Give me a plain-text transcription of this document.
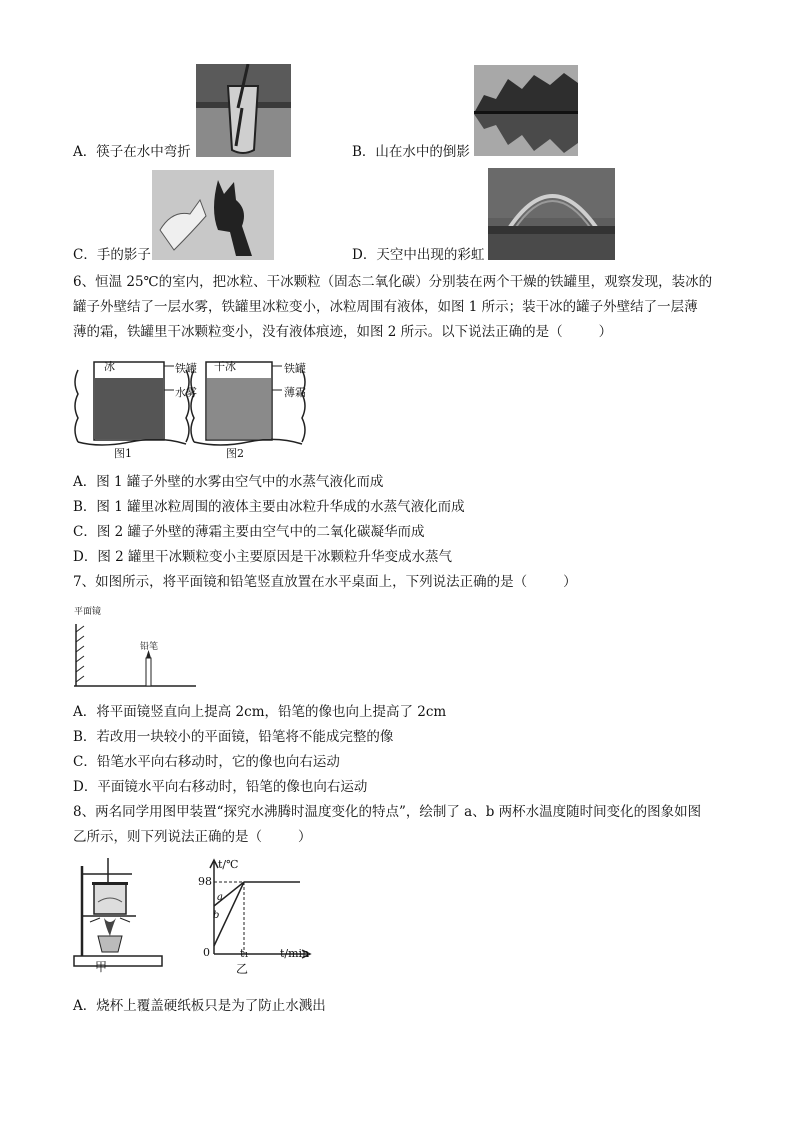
A．筷子在水中弯折	B．山在水中的倒影
C．手的影子	D．天空中出现的彩虹
6、恒温 25℃的室内，把冰粒、干冰颗粒（固态二氧化碳）分别装在两个干燥的铁罐里，观察发现，装冰的
罐子外壁结了一层水雾，铁罐里冰粒变小，冰粒周围有液体，如图 1 所示；装干冰的罐子外壁结了一层薄
薄的霜，铁罐里干冰颗粒变小，没有液体痕迹，如图 2 所示。以下说法正确的是（	）
冰	铁罐
水雾
干冰	铁罐
薄霜
图1	图2
A．图 1 罐子外壁的水雾由空气中的水蒸气液化而成
B．图 1 罐里冰粒周围的液体主要由冰粒升华成的水蒸气液化而成
C．图 2 罐子外壁的薄霜主要由空气中的二氧化碳凝华而成
D．图 2 罐里干冰颗粒变小主要原因是干冰颗粒升华变成水蒸气
7、如图所示，将平面镜和铅笔竖直放置在水平桌面上，下列说法正确的是（	）
平面镜
铅笔
A．将平面镜竖直向上提高 2cm，铅笔的像也向上提高了 2cm
B．若改用一块较小的平面镜，铅笔将不能成完整的像
C．铅笔水平向右移动时，它的像也向右运动
D．平面镜水平向右移动时，铅笔的像也向右运动
8、两名同学用图甲装置“探究水沸腾时温度变化的特点”，绘制了 a、b 两杯水温度随时间变化的图象如图
乙所示，则下列说法正确的是（	）
甲
t/℃
98
0	t₁	t/min
a
b
乙
A．烧杯上覆盖硬纸板只是为了防止水溅出
